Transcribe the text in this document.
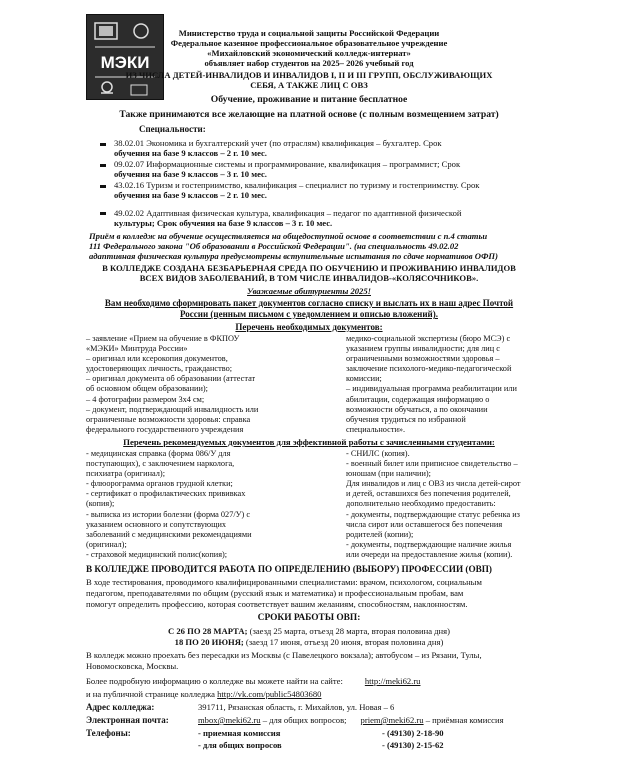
МЭКИ
Министерство труда и социальной защиты Российской Федерации
Федеральное казенное профессиональное образовательное учреждение
«Михайловский экономический колледж-интернат»
объявляет набор студентов на 2025– 2026 учебный год
ИЗ ЧИСЛА ДЕТЕЙ-ИНВАЛИДОВ И ИНВАЛИДОВ I, II И III ГРУПП, ОБСЛУЖИВАЮЩИХ
СЕБЯ, А ТАКЖЕ ЛИЦ С ОВЗ
Обучение, проживание и питание бесплатное
Также принимаются все желающие на платной основе (с полным возмещением затрат)
Специальности:
38.02.01 Экономика и бухгалтерский учет (по отраслям) квалификация – бухгалтер. Срок
обучения на базе 9 классов – 2 г. 10 мес.
09.02.07 Информационные системы и программирование, квалификация – программист; Срок
обучения на базе 9 классов – 3 г. 10 мес.
43.02.16 Туризм и гостеприимство, квалификация – специалист по туризму и гостеприимству. Срок
обучения на базе 9 классов – 2 г. 10 мес.
49.02.02 Адаптивная физическая культура, квалификация – педагог по адаптивной физической
культуры; Срок обучения на базе 9 классов – 3 г. 10 мес.
Приём в колледж на обучение осуществляется на общедоступной основе в соответствии с п.4 статьи
111 Федерального закона "Об образовании в Российской Федерации". (на специальность 49.02.02
адаптивная физическая культура предусмотрены вступительные испытания по сдаче нормативов ОФП)
В КОЛЛЕДЖЕ СОЗДАНА БЕЗБАРЬЕРНАЯ СРЕДА ПО ОБУЧЕНИЮ И ПРОЖИВАНИЮ ИНВАЛИДОВ
ВСЕХ ВИДОВ ЗАБОЛЕВАНИЙ, В ТОМ ЧИСЛЕ ИНВАЛИДОВ-«КОЛЯСОЧНИКОВ».
Уважаемые абитуриенты 2025!
Вам необходимо сформировать пакет документов согласно списку и выслать их в наш адрес Почтой
России (ценным письмом с уведомлением и описью вложений).
Перечень необходимых документов:
– заявление «Прием на обучение в ФКПОУ
«МЭКИ» Минтруда России»
– оригинал или ксерокопия документов,
удостоверяющих личность, гражданство;
– оригинал документа об образовании (аттестат
об основном общем образовании);
– 4 фотографии размером 3х4 см;
– документ, подтверждающий инвалидность или
ограниченные возможности здоровья: справка
федерального государственного учреждения
медико-социальной экспертизы (бюро МСЭ) с
указанием группы инвалидности; для лиц с
ограниченными возможностями здоровья –
заключение психолого-медико-педагогической
комиссии;
– индивидуальная программа реабилитации или
абилитации, содержащая информацию о
возможности обучаться, а по окончании
обучения трудиться по избранной
специальности».
Перечень рекомендуемых документов для эффективной работы с зачисленными студентами:
- медицинская справка (форма 086/У для
поступающих), с заключением нарколога,
психиатра (оригинал);
- флюорограмма органов грудной клетки;
- сертификат о профилактических прививках
(копия);
- выписка из истории болезни (форма 027/У) с
указанием основного и сопутствующих
заболеваний с медицинскими рекомендациями
(оригинал);
- страховой медицинский полис(копия);
- СНИЛС (копия).
- военный билет или приписное свидетельство –
юношам (при наличии);
Для инвалидов и лиц с ОВЗ из числа детей-сирот
и детей, оставшихся без попечения родителей,
дополнительно необходимо предоставить:
- документы, подтверждающие статус ребенка из
числа сирот или оставшегося без попечения
родителей (копии);
- документы, подтверждающие наличие жилья
или очереди на предоставление жилья (копии).
В КОЛЛЕДЖЕ ПРОВОДИТСЯ РАБОТА ПО ОПРЕДЕЛЕНИЮ (ВЫБОРУ) ПРОФЕССИИ (ОВП)
В ходе тестирования, проводимого квалифицированными специалистами: врачом, психологом, социальным
педагогом, преподавателями по общим (русский язык и математика) и профессиональным пробам, вам
помогут определить профессию, которая соответствует вашим желаниям, способностям, наклонностям.
СРОКИ РАБОТЫ ОВП:
С 26 ПО 28 МАРТА; (заезд 25 марта, отъезд 28 марта, вторая половина дня)
18 ПО 20 ИЮНЯ; (заезд 17 июня, отъезд 20 июня, вторая половина дня)
В колледж можно проехать без пересадки из Москвы (с Павелецкого вокзала); автобусом – из Рязани, Тулы,
Новомосковска, Москвы.
Более подробную информацию о колледже вы можете найти на сайте:	http://meki62.ru
и на публичной странице колледжа http://vk.com/public54803680
Адрес колледжа:	391711, Рязанская область, г. Михайлов, ул. Новая – 6
Электронная почта:	mbox@meki62.ru – для общих вопросов; priem@meki62.ru – приёмная комиссия
Телефоны:	- приемная комиссия	- (49130) 2-18-90
- для общих вопросов	- (49130) 2-15-62
